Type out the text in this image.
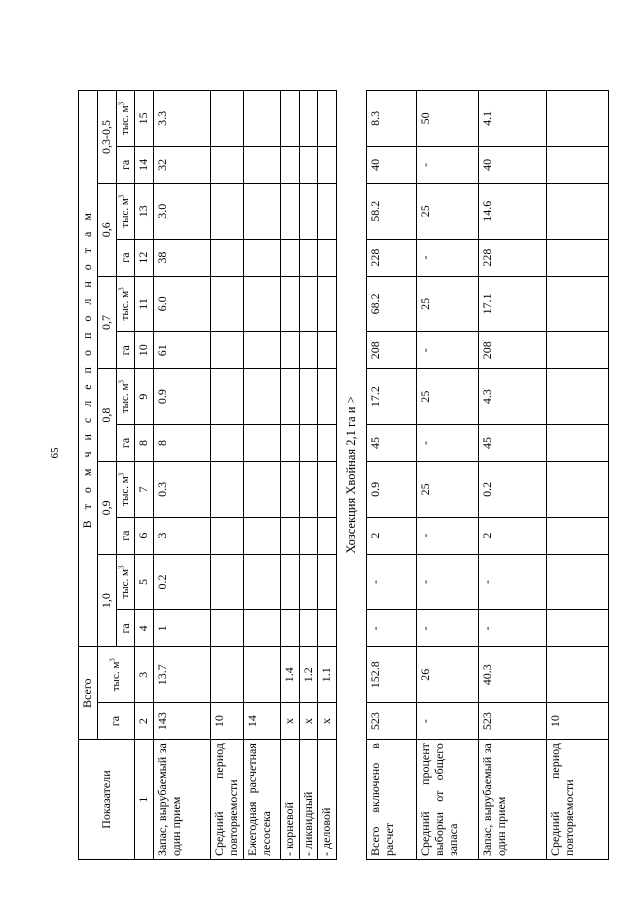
65
Показатели	Всего		В т о м ч и с л е п о п о л н о т а м											
	га	тыс. $м^3$	1,0		0,9		0,8		0,7		0,6		0,3-0,5	
			га	тыс. $м^3$	га	тыс. $м^3$	га	тыс. $м^3$	га	тыс. $м^3$	га	тыс. $м^3$	га	тыс. $м^3$
1	2	3	4	5	6	7	8	9	10	11	12	13	14	15
Запас, вырубаемый за один прием	143	13.7	1	0.2	3	0.3	8	0.9	61	6.0	38	3.0	32	3.3
Средний период повторяемости	10													
Ежегодная расчетная лесосека	14													
- корневой	х	1.4												
- ликвидный	х	1.2												
- деловой	х	1.1												
Хозсекция Хвойная 2,1 га и >														
Всего включено в расчет	523	152.8	-	-	2	0.9	45	17.2	208	68.2	228	58.2	40	8.3
Средний процент выборки от общего запаса	-	26	-	-	-	25	-	25	-	25	-	25	-	50
Запас, вырубаемый за один прием	523	40.3	-	-	2	0.2	45	4.3	208	17.1	228	14.6	40	4.1
Средний период повторяемости	10													
